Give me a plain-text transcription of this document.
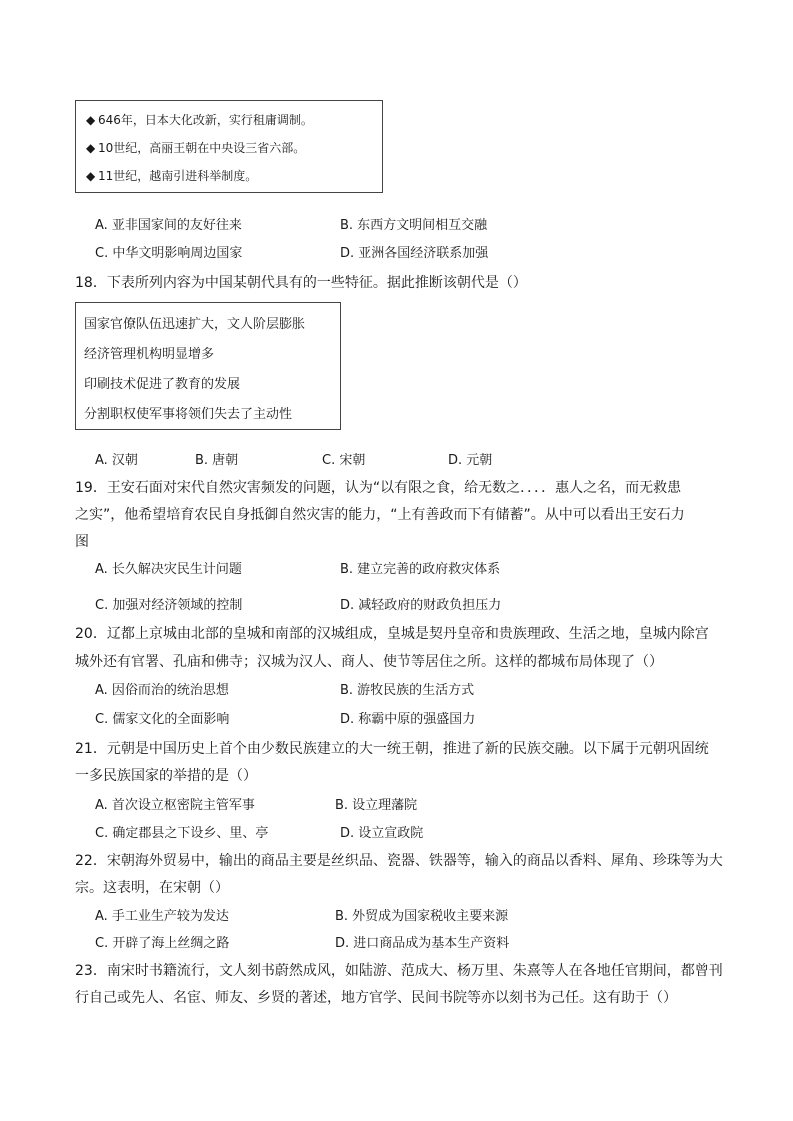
◆ 646年，日本大化改新，实行租庸调制。
◆ 10世纪，高丽王朝在中央设三省六部。
◆ 11世纪，越南引进科举制度。
A. 亚非国家间的友好往来	B. 东西方文明间相互交融
C. 中华文明影响周边国家	D. 亚洲各国经济联系加强
18．下表所列内容为中国某朝代具有的一些特征。据此推断该朝代是（）
国家官僚队伍迅速扩大，文人阶层膨胀
经济管理机构明显增多
印刷技术促进了教育的发展
分割职权使军事将领们失去了主动性
A. 汉朝	B. 唐朝	C. 宋朝	D. 元朝
19．王安石面对宋代自然灾害频发的问题，认为“以有限之食，给无数之．．．．惠人之名，而无救患
之实”，他希望培育农民自身抵御自然灾害的能力，“上有善政而下有储蓄”。从中可以看出王安石力
图
A. 长久解决灾民生计问题	B. 建立完善的政府救灾体系
C. 加强对经济领域的控制	D. 减轻政府的财政负担压力
20．辽都上京城由北部的皇城和南部的汉城组成，皇城是契丹皇帝和贵族理政、生活之地，皇城内除宫
城外还有官署、孔庙和佛寺；汉城为汉人、商人、使节等居住之所。这样的都城布局体现了（）
A. 因俗而治的统治思想	B. 游牧民族的生活方式
C. 儒家文化的全面影响	D. 称霸中原的强盛国力
21．元朝是中国历史上首个由少数民族建立的大一统王朝，推进了新的民族交融。以下属于元朝巩固统
一多民族国家的举措的是（）
A. 首次设立枢密院主管军事	B. 设立理藩院
C. 确定郡县之下设乡、里、亭	D. 设立宣政院
22．宋朝海外贸易中，输出的商品主要是丝织品、瓷器、铁器等，输入的商品以香料、犀角、珍珠等为大
宗。这表明，在宋朝（）
A. 手工业生产较为发达	B. 外贸成为国家税收主要来源
C. 开辟了海上丝绸之路	D. 进口商品成为基本生产资料
23．南宋时书籍流行，文人刻书蔚然成风，如陆游、范成大、杨万里、朱熹等人在各地任官期间，都曾刊
行自己或先人、名宦、师友、乡贤的著述，地方官学、民间书院等亦以刻书为己任。这有助于（）
